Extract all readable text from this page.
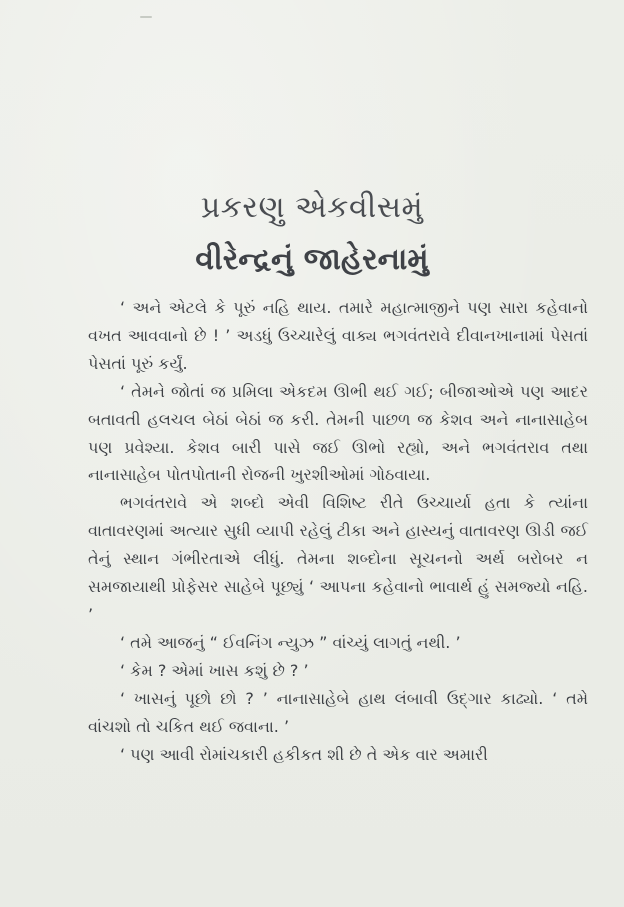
પ્રકરણુ એકવીસમું
વીરેન્દ્રનું જાહેરનામું

‘ અને એટલે કે પૂરું નહિ થાય. તમારે મહાત્માજીને પણ સારા કહેવાનો વખત આવવાનો છે ! ’ અડધું ઉચ્ચારેલું વાક્ય ભગવંતરાવે દીવાનખાનામાં પેસતાં પેસતાં પૂરું કર્યું.

‘ તેમને જોતાં જ પ્રમિલા એકદમ ઊભી થઈ ગઈ; બીજાઓએ પણ આદર બતાવતી હલચલ બેઠાં બેઠાં જ કરી. તેમની પાછળ જ કેશવ અને નાનાસાહેબ પણ પ્રવેશ્યા. કેશવ બારી પાસે જઈ ઊભો રહ્યો, અને ભગવંતરાવ તથા નાનાસાહેબ પોતપોતાની રોજની ખુરશીઓમાં ગોઠવાયા.

ભગવંતરાવે એ શબ્દો એવી વિશિષ્ટ રીતે ઉચ્ચાર્યા હતા કે ત્યાંના વાતાવરણમાં અત્યાર સુધી વ્યાપી રહેલું ટીકા અને હાસ્યનું વાતાવરણ ઊડી જઈ તેનું સ્થાન ગંભીરતાએ લીધું. તેમના શબ્દોના સૂચનનો અર્થ બરોબર ન સમજાયાથી પ્રોફેસર સાહેબે પૂછ્યું ‘ આપના કહેવાનો ભાવાર્થ હું સમજ્યો નહિ. ’

‘ તમે આજનું “ ઈવનિંગ ન્યુઝ ” વાંચ્યું લાગતું નથી. ’

‘ કેમ ? એમાં ખાસ કશું છે ? ’

‘ ખાસનું પૂછો છો ? ’ નાનાસાહેબે હાથ લંબાવી ઉદ્ગાર કાઢ્યો. ‘ તમે વાંચશો તો ચકિત થઈ જવાના. ’

‘ પણ આવી રોમાંચકારી હકીકત શી છે તે એક વાર અમારી
